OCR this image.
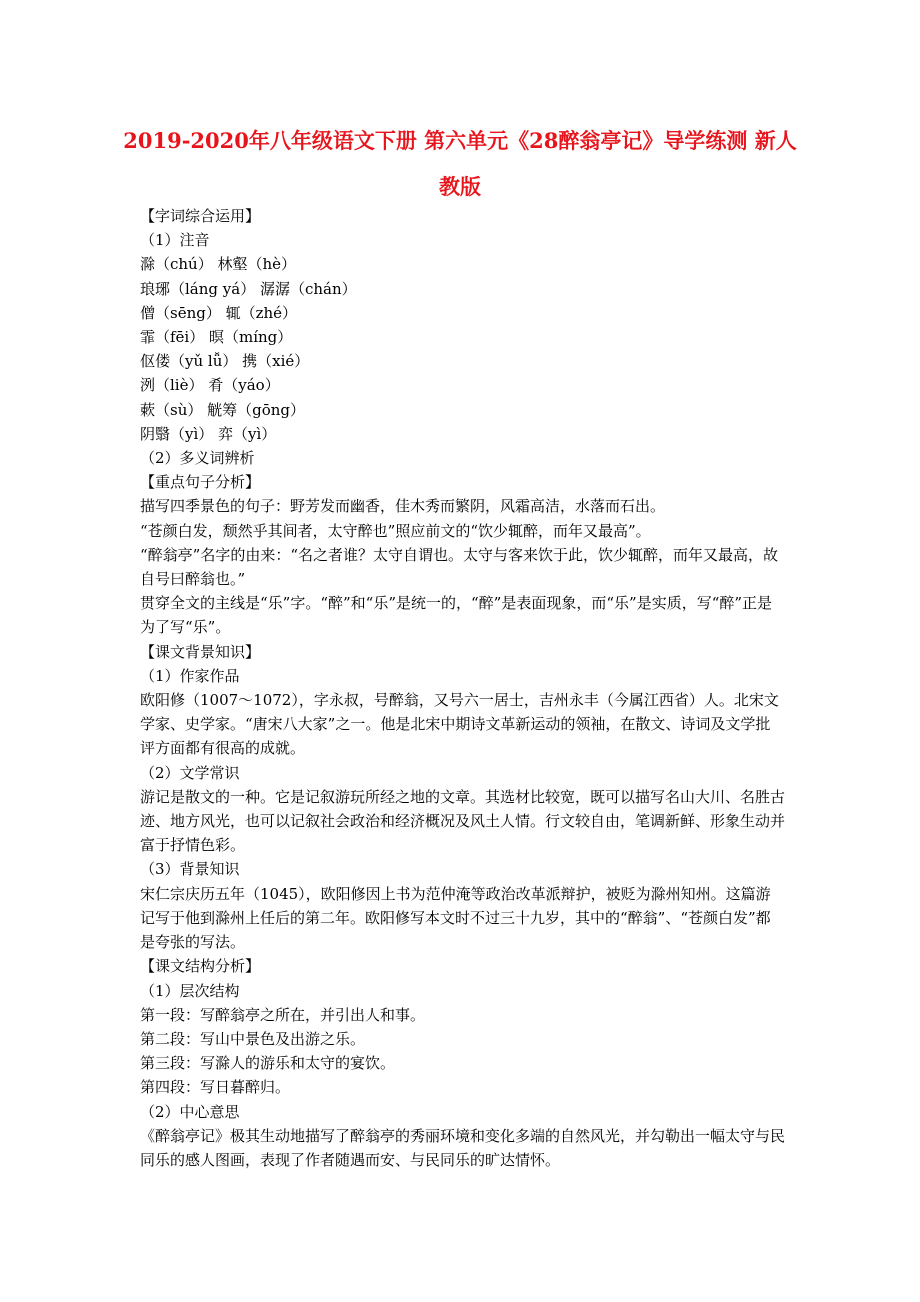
2019-2020年八年级语文下册 第六单元《28醉翁亭记》导学练测 新人教版

【字词综合运用】

（1）注音

滁（chú） 林壑（hè）

琅琊（láng yá） 潺潺（chán）

僧（sēng） 辄（zhé）

霏（fēi） 暝（míng）

伛偻（yǔ lǚ） 携（xié）

洌（liè） 肴（yáo）

蔌（sù） 觥筹（gōng）

阴翳（yì） 弈（yì）

（2）多义词辨析

【重点句子分析】

描写四季景色的句子：野芳发而幽香，佳木秀而繁阴，风霜高洁，水落而石出。

“苍颜白发，颓然乎其间者，太守醉也”照应前文的“饮少辄醉，而年又最高”。

“醉翁亭”名字的由来：“名之者谁？太守自谓也。太守与客来饮于此，饮少辄醉，而年又最高，故自号曰醉翁也。”

贯穿全文的主线是“乐”字。“醉”和“乐”是统一的，“醉”是表面现象，而“乐”是实质，写“醉”正是为了写“乐”。

【课文背景知识】

（1）作家作品

欧阳修（1007～1072），字永叔，号醉翁，又号六一居士，吉州永丰（今属江西省）人。北宋文学家、史学家。“唐宋八大家”之一。他是北宋中期诗文革新运动的领袖，在散文、诗词及文学批评方面都有很高的成就。

（2）文学常识

游记是散文的一种。它是记叙游玩所经之地的文章。其选材比较宽，既可以描写名山大川、名胜古迹、地方风光，也可以记叙社会政治和经济概况及风土人情。行文较自由，笔调新鲜、形象生动并富于抒情色彩。

（3）背景知识

宋仁宗庆历五年（1045），欧阳修因上书为范仲淹等政治改革派辩护，被贬为滁州知州。这篇游记写于他到滁州上任后的第二年。欧阳修写本文时不过三十九岁，其中的“醉翁”、“苍颜白发”都是夸张的写法。

【课文结构分析】

（1）层次结构

第一段：写醉翁亭之所在，并引出人和事。

第二段：写山中景色及出游之乐。

第三段：写滁人的游乐和太守的宴饮。

第四段：写日暮醉归。

（2）中心意思

《醉翁亭记》极其生动地描写了醉翁亭的秀丽环境和变化多端的自然风光，并勾勒出一幅太守与民同乐的感人图画，表现了作者随遇而安、与民同乐的旷达情怀。
